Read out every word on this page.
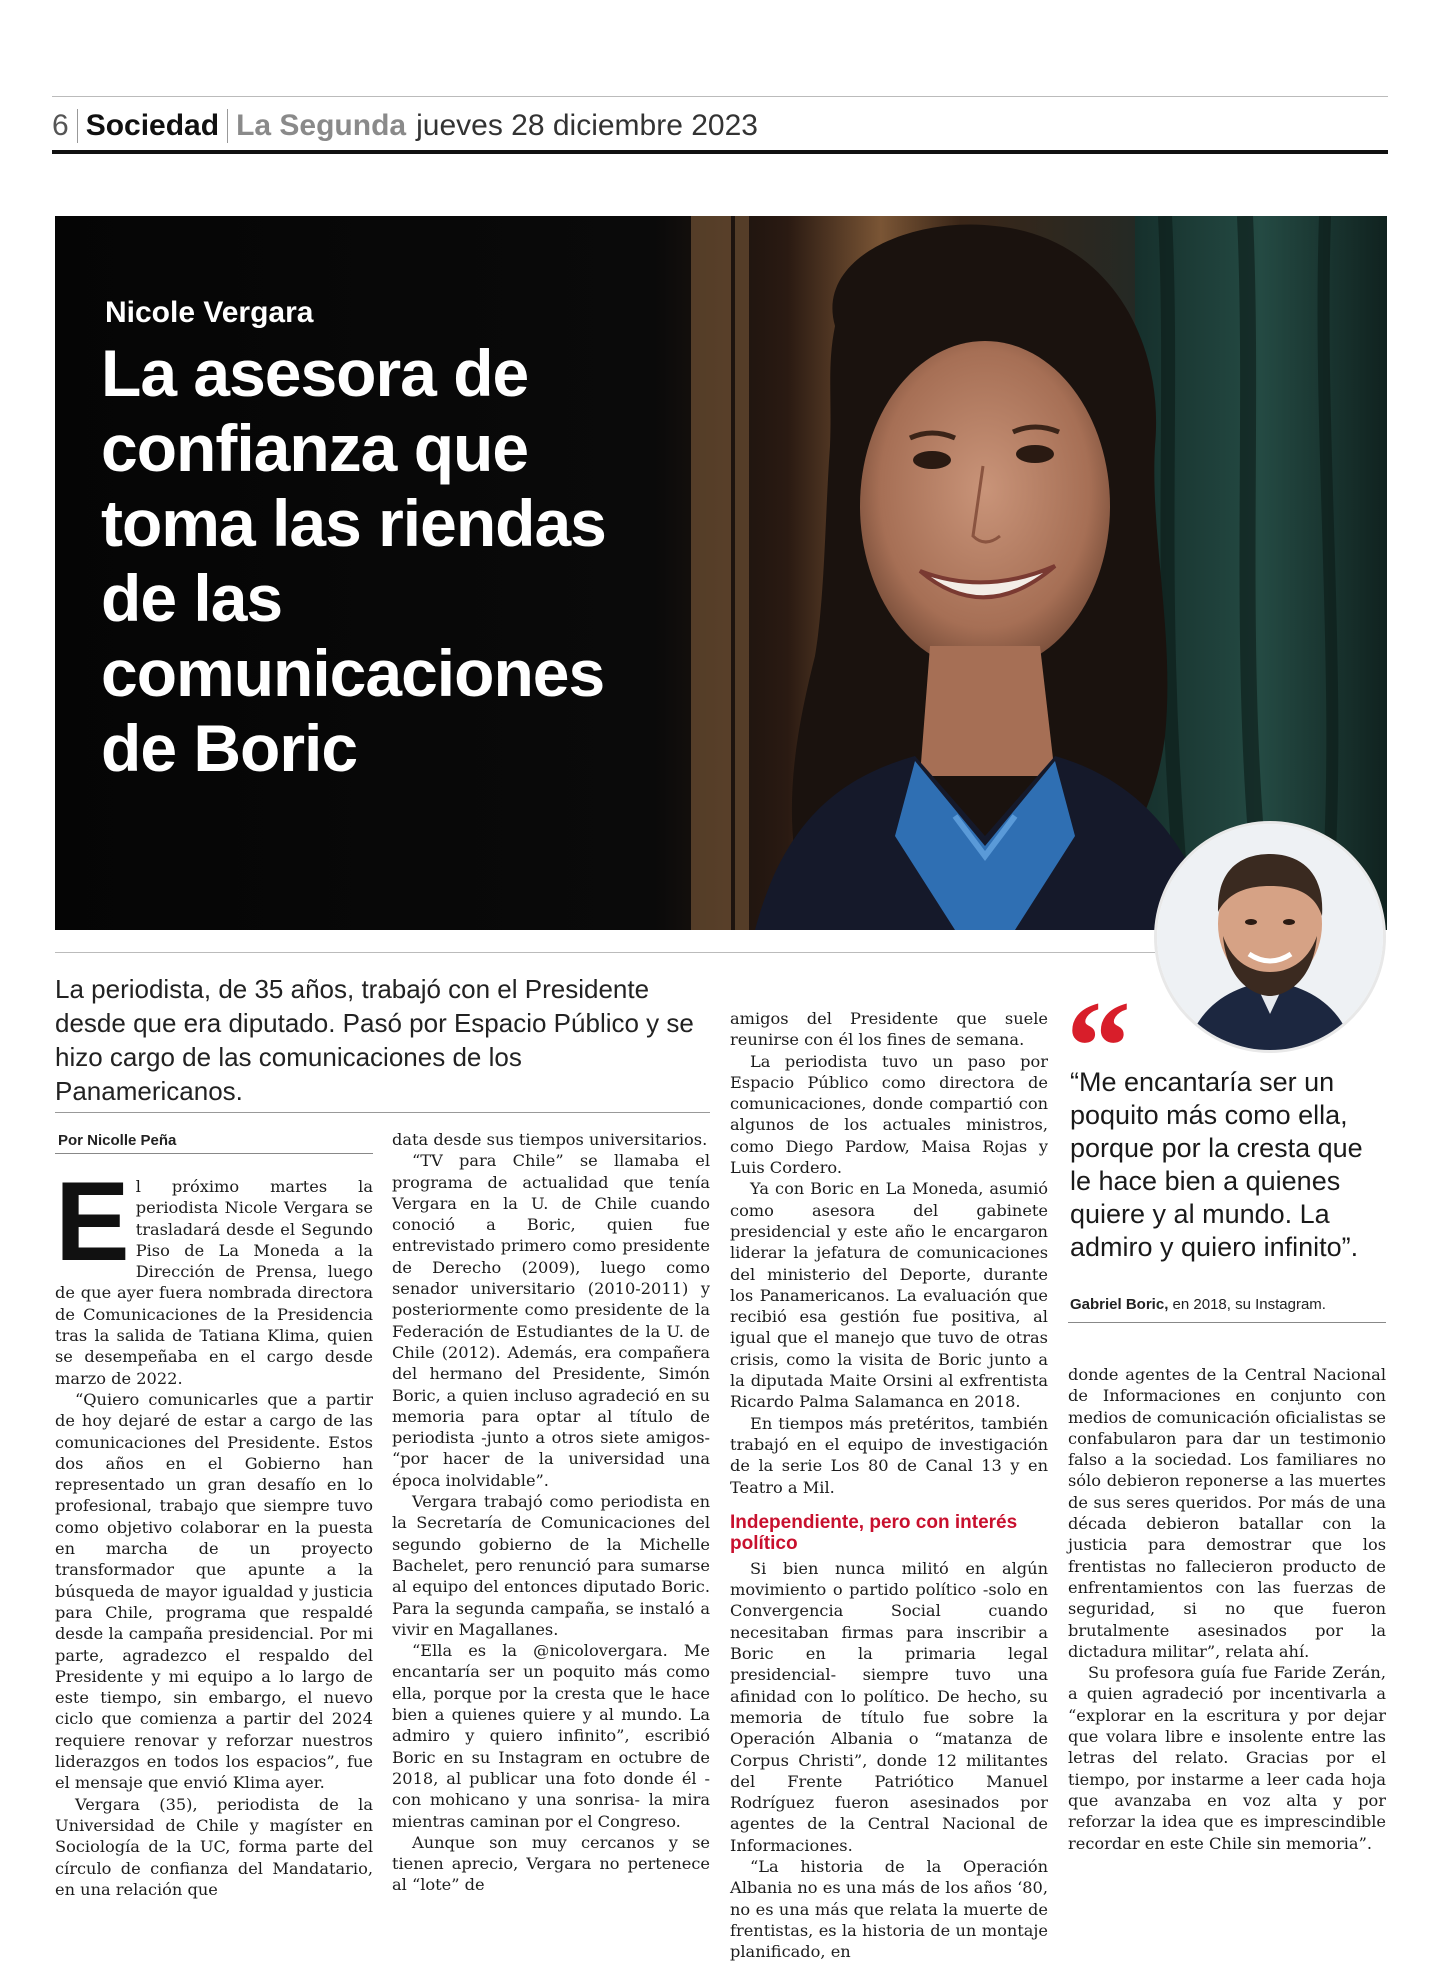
6 Sociedad La Segunda jueves 28 diciembre 2023
Nicole Vergara
La asesora de confianza que toma las riendas de las comunicaciones de Boric
La periodista, de 35 años, trabajó con el Presidente desde que era diputado. Pasó por Espacio Público y se hizo cargo de las comunicaciones de los Panamericanos.
Por Nicolle Peña

El próximo martes la periodista Nicole Vergara se trasladará desde el Segundo Piso de La Moneda a la Dirección de Prensa, luego de que ayer fuera nombrada directora de Comunicaciones de la Presidencia tras la salida de Tatiana Klima, quien se desempeñaba en el cargo desde marzo de 2022.

“Quiero comunicarles que a partir de hoy dejaré de estar a cargo de las comunicaciones del Presidente. Estos dos años en el Gobierno han representado un gran desafío en lo profesional, trabajo que siempre tuvo como objetivo colaborar en la puesta en marcha de un proyecto transformador que apunte a la búsqueda de mayor igualdad y justicia para Chile, programa que respaldé desde la campaña presidencial. Por mi parte, agradezco el respaldo del Presidente y mi equipo a lo largo de este tiempo, sin embargo, el nuevo ciclo que comienza a partir del 2024 requiere renovar y reforzar nuestros liderazgos en todos los espacios”, fue el mensaje que envió Klima ayer.

Vergara (35), periodista de la Universidad de Chile y magíster en Sociología de la UC, forma parte del círculo de confianza del Mandatario, en una relación que

data desde sus tiempos universitarios.

“TV para Chile” se llamaba el programa de actualidad que tenía Vergara en la U. de Chile cuando conoció a Boric, quien fue entrevistado primero como presidente de Derecho (2009), luego como senador universitario (2010-2011) y posteriormente como presidente de la Federación de Estudiantes de la U. de Chile (2012). Además, era compañera del hermano del Presidente, Simón Boric, a quien incluso agradeció en su memoria para optar al título de periodista -junto a otros siete amigos- “por hacer de la universidad una época inolvidable”.

Vergara trabajó como periodista en la Secretaría de Comunicaciones del segundo gobierno de la Michelle Bachelet, pero renunció para sumarse al equipo del entonces diputado Boric. Para la segunda campaña, se instaló a vivir en Magallanes.

“Ella es la @nicolovergara. Me encantaría ser un poquito más como ella, porque por la cresta que le hace bien a quienes quiere y al mundo. La admiro y quiero infinito”, escribió Boric en su Instagram en octubre de 2018, al publicar una foto donde él -con mohicano y una sonrisa- la mira mientras caminan por el Congreso.

Aunque son muy cercanos y se tienen aprecio, Vergara no pertenece al “lote” de

amigos del Presidente que suele reunirse con él los fines de semana.

La periodista tuvo un paso por Espacio Público como directora de comunicaciones, donde compartió con algunos de los actuales ministros, como Diego Pardow, Maisa Rojas y Luis Cordero.

Ya con Boric en La Moneda, asumió como asesora del gabinete presidencial y este año le encargaron liderar la jefatura de comunicaciones del ministerio del Deporte, durante los Panamericanos. La evaluación que recibió esa gestión fue positiva, al igual que el manejo que tuvo de otras crisis, como la visita de Boric junto a la diputada Maite Orsini al exfrentista Ricardo Palma Salamanca en 2018.

En tiempos más pretéritos, también trabajó en el equipo de investigación de la serie Los 80 de Canal 13 y en Teatro a Mil.

Independiente, pero con interés político

Si bien nunca militó en algún movimiento o partido político -solo en Convergencia Social cuando necesitaban firmas para inscribir a Boric en la primaria legal presidencial- siempre tuvo una afinidad con lo político. De hecho, su memoria de título fue sobre la Operación Albania o “matanza de Corpus Christi”, donde 12 militantes del Frente Patriótico Manuel Rodríguez fueron asesinados por agentes de la Central Nacional de Informaciones.

“La historia de la Operación Albania no es una más de los años ‘80, no es una más que relata la muerte de frentistas, es la historia de un montaje planificado, en

donde agentes de la Central Nacional de Informaciones en conjunto con medios de comunicación oficialistas se confabularon para dar un testimonio falso a la sociedad. Los familiares no sólo debieron reponerse a las muertes de sus seres queridos. Por más de una década debieron batallar con la justicia para demostrar que los frentistas no fallecieron producto de enfrentamientos con las fuerzas de seguridad, si no que fueron brutalmente asesinados por la dictadura militar”, relata ahí.

Su profesora guía fue Faride Zerán, a quien agradeció por incentivarla a “explorar en la escritura y por dejar que volara libre e insolente entre las letras del relato. Gracias por el tiempo, por instarme a leer cada hoja que avanzaba en voz alta y por reforzar la idea que es imprescindible recordar en este Chile sin memoria”.

“
“Me encantaría ser un poquito más como ella, porque por la cresta que le hace bien a quienes quiere y al mundo. La admiro y quiero infinito”.
Gabriel Boric, en 2018, su Instagram.
